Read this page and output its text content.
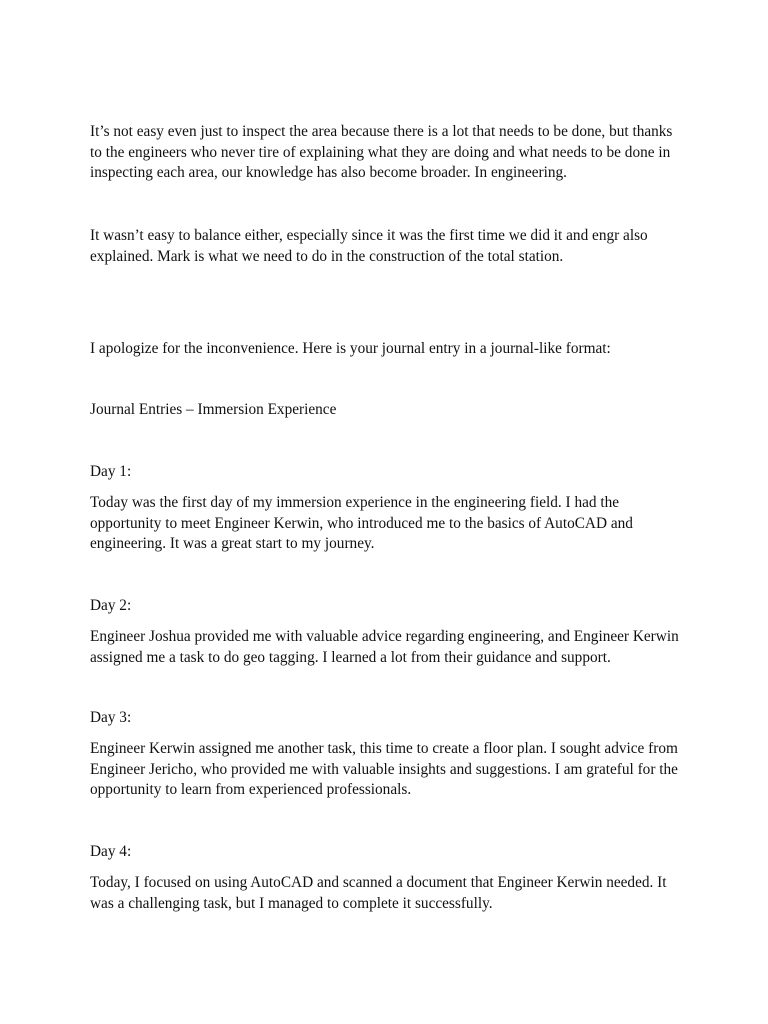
It’s not easy even just to inspect the area because there is a lot that needs to be done, but thanks to the engineers who never tire of explaining what they are doing and what needs to be done in inspecting each area, our knowledge has also become broader. In engineering.

It wasn’t easy to balance either, especially since it was the first time we did it and engr also explained. Mark is what we need to do in the construction of the total station.

I apologize for the inconvenience. Here is your journal entry in a journal-like format:

Journal Entries – Immersion Experience

Day 1:

Today was the first day of my immersion experience in the engineering field. I had the opportunity to meet Engineer Kerwin, who introduced me to the basics of AutoCAD and engineering. It was a great start to my journey.

Day 2:

Engineer Joshua provided me with valuable advice regarding engineering, and Engineer Kerwin assigned me a task to do geo tagging. I learned a lot from their guidance and support.

Day 3:

Engineer Kerwin assigned me another task, this time to create a floor plan. I sought advice from Engineer Jericho, who provided me with valuable insights and suggestions. I am grateful for the opportunity to learn from experienced professionals.

Day 4:

Today, I focused on using AutoCAD and scanned a document that Engineer Kerwin needed. It was a challenging task, but I managed to complete it successfully.
